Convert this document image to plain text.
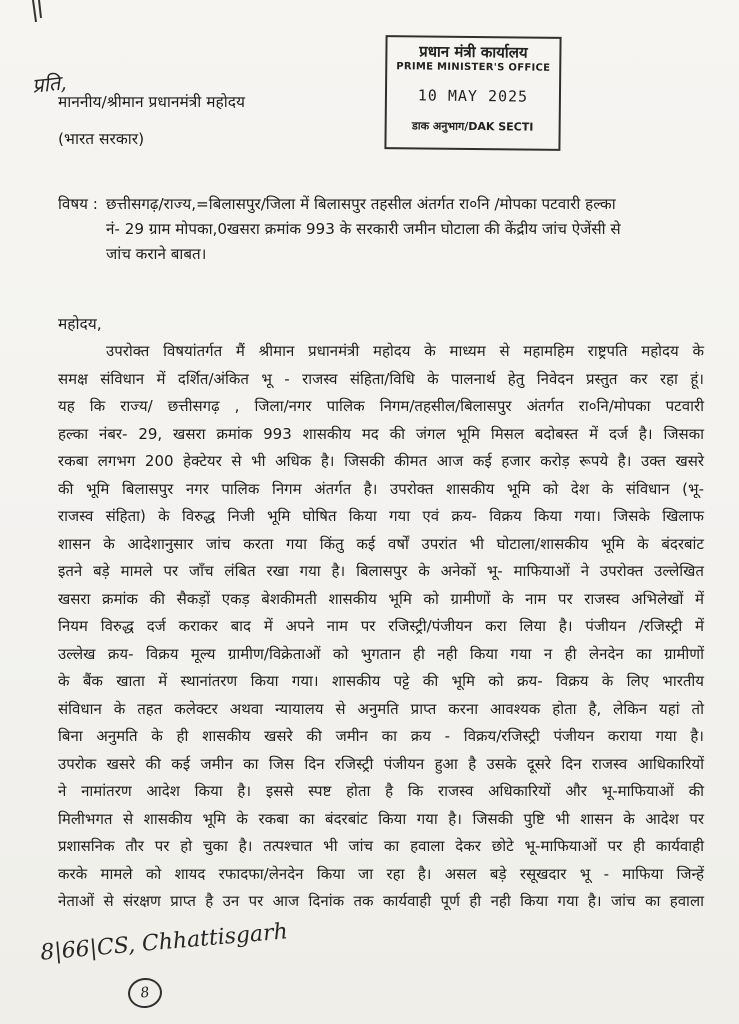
प्रति,
प्रधान मंत्री कार्यालय
PRIME MINISTER'S OFFICE
10 MAY 2025
डाक अनुभाग/DAK SECTI
माननीय/श्रीमान प्रधानमंत्री महोदय
(भारत सरकार)
विषय : छत्तीसगढ़/राज्य,=बिलासपुर/जिला में बिलासपुर तहसील अंतर्गत रा०नि /मोपका पटवारी हल्का
नं- 29 ग्राम मोपका,0खसरा क्रमांक 993 के सरकारी जमीन घोटाला की केंद्रीय जांच ऐजेंसी से
जांच कराने बाबत।
महोदय,
उपरोक्त विषयांतर्गत मैं श्रीमान प्रधानमंत्री महोदय के माध्यम से महामहिम राष्ट्रपति महोदय के
समक्ष संविधान में दर्शित/अंकित भू - राजस्व संहिता/विधि के पालनार्थ हेतु निवेदन प्रस्तुत कर रहा हूं।
यह कि राज्य/ छत्तीसगढ़ , जिला/नगर पालिक निगम/तहसील/बिलासपुर अंतर्गत रा०नि/मोपका पटवारी
हल्का नंबर- 29, खसरा क्रमांक 993 शासकीय मद की जंगल भूमि मिसल बदोबस्त में दर्ज है। जिसका
रकबा लगभग 200 हेक्टेयर से भी अधिक है। जिसकी कीमत आज कई हजार करोड़ रूपये है। उक्त खसरे
की भूमि बिलासपुर नगर पालिक निगम अंतर्गत है। उपरोक्त शासकीय भूमि को देश के संविधान (भू-
राजस्व संहिता) के विरुद्ध निजी भूमि घोषित किया गया एवं क्रय- विक्रय किया गया। जिसके खिलाफ
शासन के आदेशानुसार जांच करता गया किंतु कई वर्षों उपरांत भी घोटाला/शासकीय भूमि के बंदरबांट
इतने बड़े मामले पर जाँच लंबित रखा गया है। बिलासपुर के अनेकों भू- माफियाओं ने उपरोक्त उल्लेखित
खसरा क्रमांक की सैकड़ों एकड़ बेशकीमती शासकीय भूमि को ग्रामीणों के नाम पर राजस्व अभिलेखों में
नियम विरुद्ध दर्ज कराकर बाद में अपने नाम पर रजिस्ट्री/पंजीयन करा लिया है। पंजीयन /रजिस्ट्री में
उल्लेख क्रय- विक्रय मूल्य ग्रामीण/विक्रेताओं को भुगतान ही नही किया गया न ही लेनदेन का ग्रामीणों
के बैंक खाता में स्थानांतरण किया गया। शासकीय पट्टे की भूमि को क्रय- विक्रय के लिए भारतीय
संविधान के तहत कलेक्टर अथवा न्यायालय से अनुमति प्राप्त करना आवश्यक होता है, लेकिन यहां तो
बिना अनुमति के ही शासकीय खसरे की जमीन का क्रय - विक्रय/रजिस्ट्री पंजीयन कराया गया है।
उपरोक खसरे की कई जमीन का जिस दिन रजिस्ट्री पंजीयन हुआ है उसके दूसरे दिन राजस्व आधिकारियों
ने नामांतरण आदेश किया है। इससे स्पष्ट होता है कि राजस्व अधिकारियों और भू-माफियाओं की
मिलीभगत से शासकीय भूमि के रकबा का बंदरबांट किया गया है। जिसकी पुष्टि भी शासन के आदेश पर
प्रशासनिक तौर पर हो चुका है। तत्पश्चात भी जांच का हवाला देकर छोटे भू-माफियाओं पर ही कार्यवाही
करके मामले को शायद रफादफा/लेनदेन किया जा रहा है। असल बड़े रसूखदार भू - माफिया जिन्हें
नेताओं से संरक्षण प्राप्त है उन पर आज दिनांक तक कार्यवाही पूर्ण ही नही किया गया है। जांच का हवाला
8|66|CS, Chhattisgarh
8
